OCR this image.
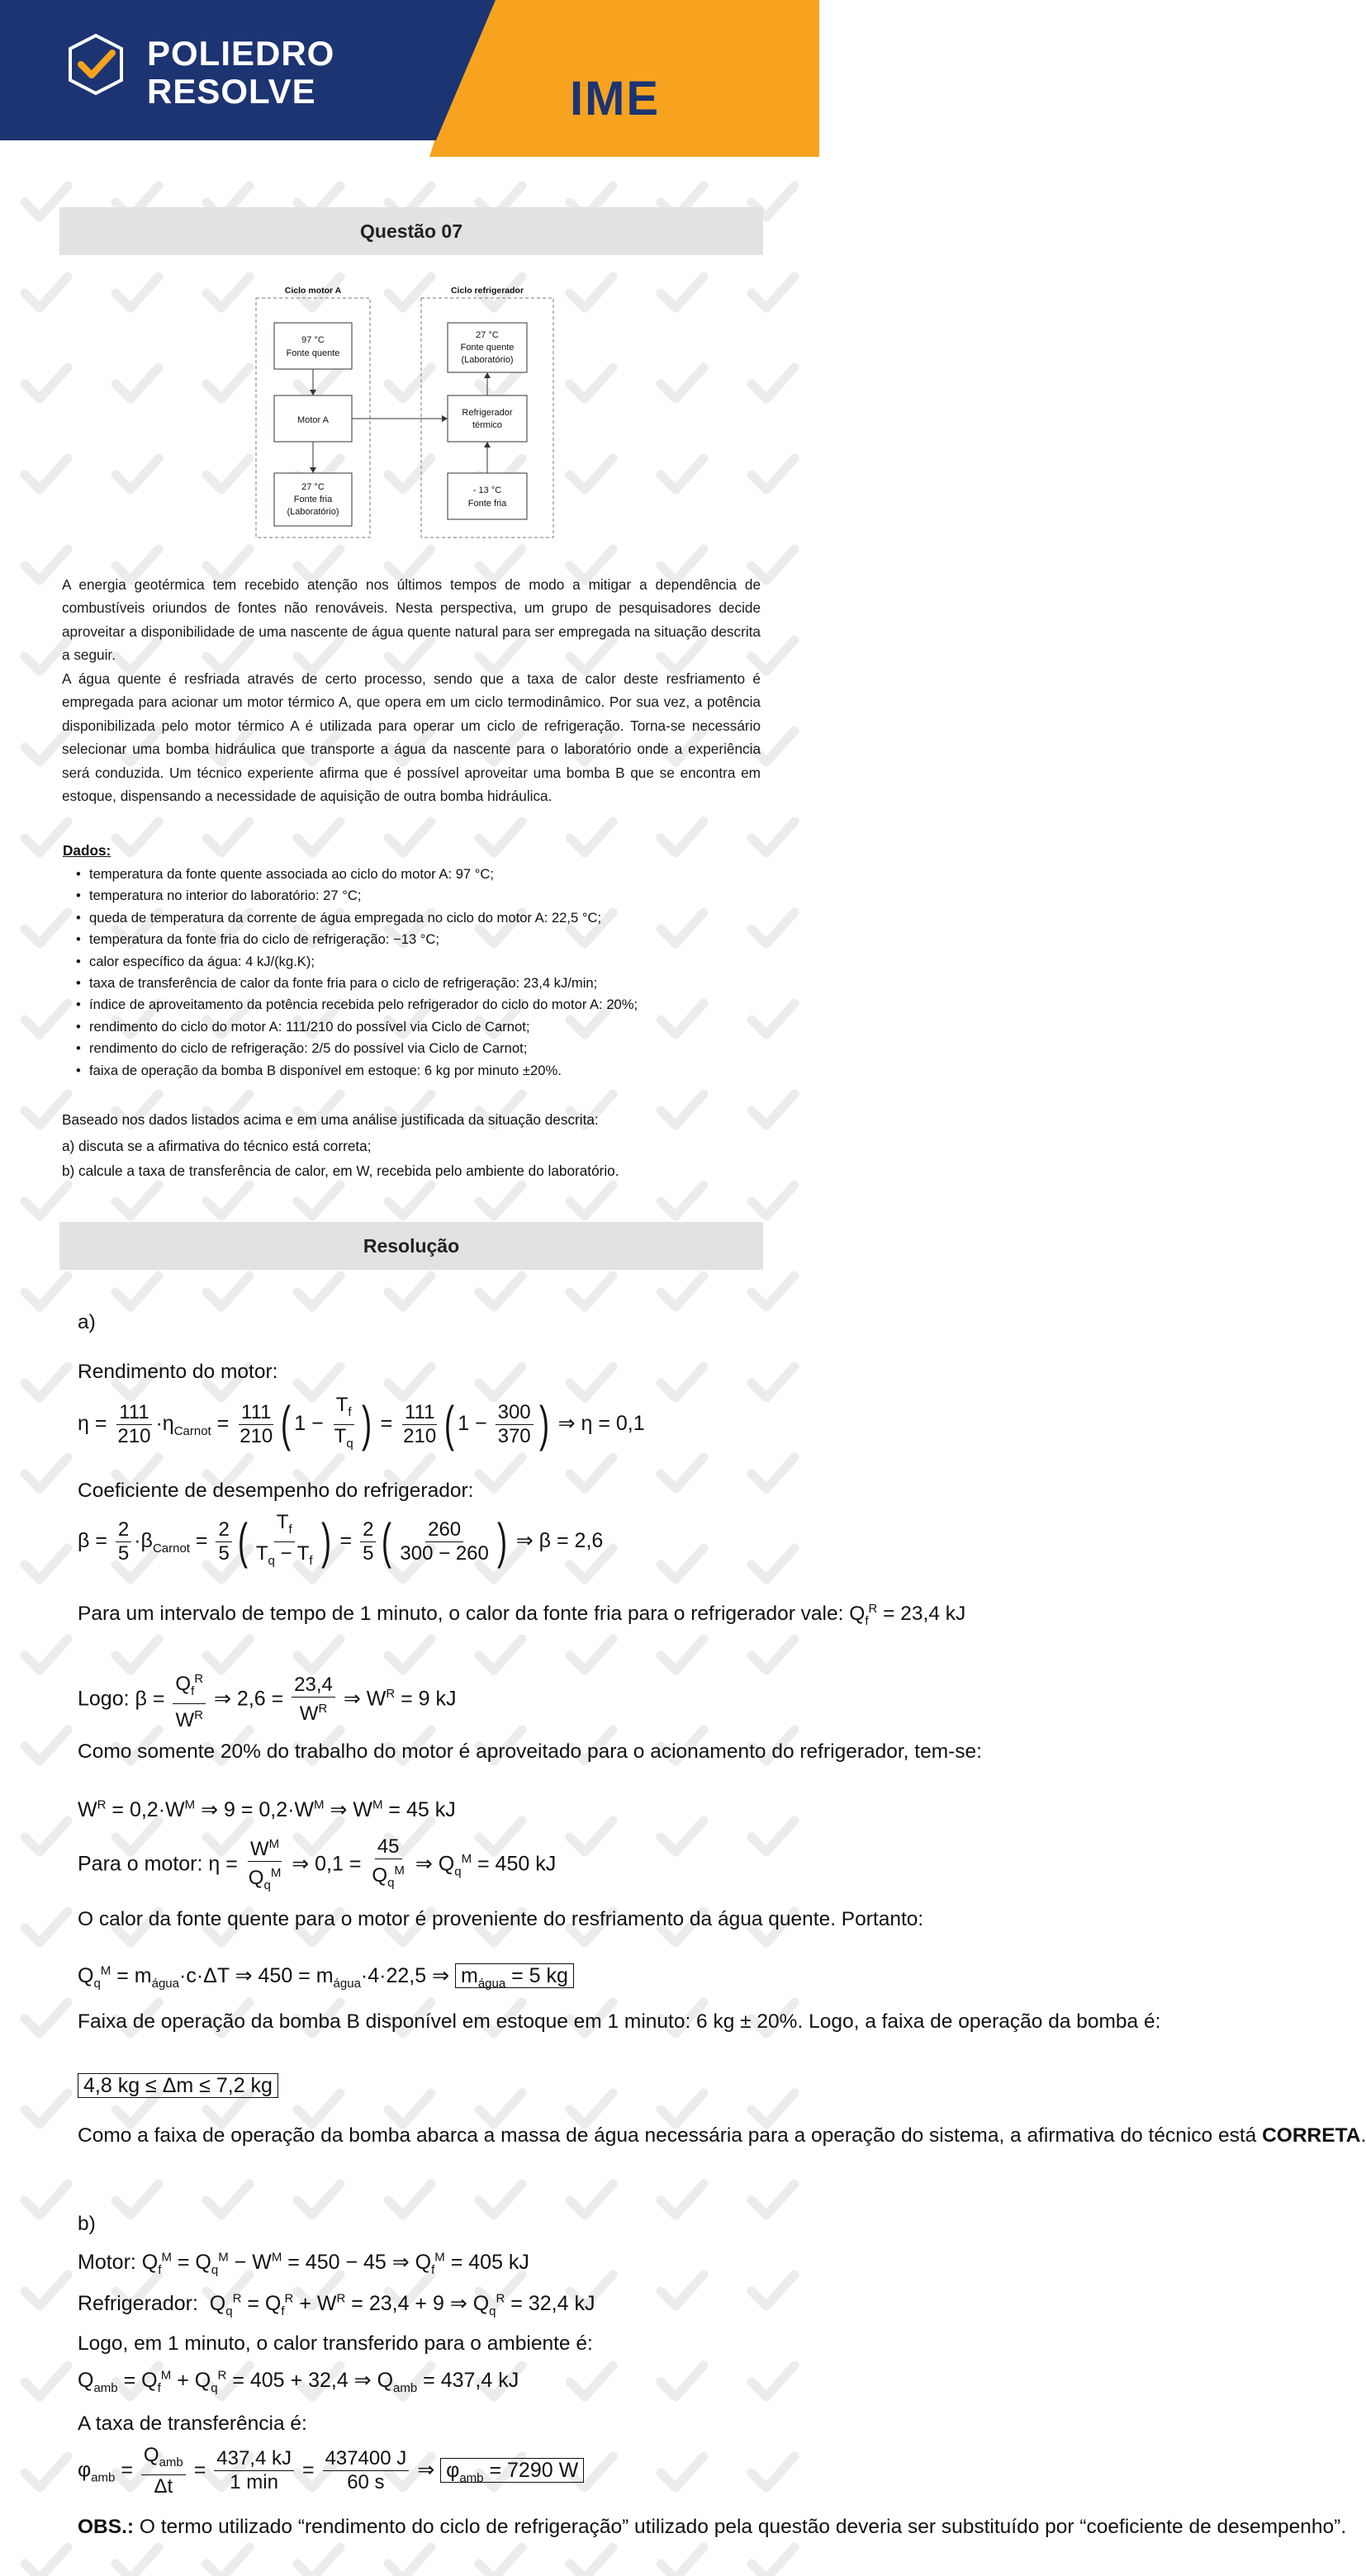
POLIEDRO
RESOLVE	IME
Questão 07
Ciclo motor A
97 °C
Fonte quente
Motor A
27 °C
Fonte fria
(Laboratório)
Ciclo refrigerador
27 °C
Fonte quente
(Laboratório)
Refrigerador
térmico
- 13 °C
Fonte fria
A energia geotérmica tem recebido atenção nos últimos tempos de modo a mitigar a dependência de combustíveis oriundos de fontes não renováveis. Nesta perspectiva, um grupo de pesquisadores decide aproveitar a disponibilidade de uma nascente de água quente natural para ser empregada na situação descrita a seguir.
A água quente é resfriada através de certo processo, sendo que a taxa de calor deste resfriamento é empregada para acionar um motor térmico A, que opera em um ciclo termodinâmico. Por sua vez, a potência disponibilizada pelo motor térmico A é utilizada para operar um ciclo de refrigeração. Torna-se necessário selecionar uma bomba hidráulica que transporte a água da nascente para o laboratório onde a experiência será conduzida. Um técnico experiente afirma que é possível aproveitar uma bomba B que se encontra em estoque, dispensando a necessidade de aquisição de outra bomba hidráulica.
Dados:
• temperatura da fonte quente associada ao ciclo do motor A: 97 °C;
• temperatura no interior do laboratório: 27 °C;
• queda de temperatura da corrente de água empregada no ciclo do motor A: 22,5 °C;
• temperatura da fonte fria do ciclo de refrigeração: −13 °C;
• calor específico da água: 4 kJ/(kg.K);
• taxa de transferência de calor da fonte fria para o ciclo de refrigeração: 23,4 kJ/min;
• índice de aproveitamento da potência recebida pelo refrigerador do ciclo do motor A: 20%;
• rendimento do ciclo do motor A: 111/210 do possível via Ciclo de Carnot;
• rendimento do ciclo de refrigeração: 2/5 do possível via Ciclo de Carnot;
• faixa de operação da bomba B disponível em estoque: 6 kg por minuto ±20%.
Baseado nos dados listados acima e em uma análise justificada da situação descrita:
a) discuta se a afirmativa do técnico está correta;
b) calcule a taxa de transferência de calor, em W, recebida pelo ambiente do laboratório.
Resolução
a)
Rendimento do motor:
$\eta = \frac{111}{210} \cdot\eta_{Carnot} = \frac{111}{210}$ ( $1 - \frac{T_f}{T_q}$ ) = $\frac{111}{210}$ ( $1 - \frac{300}{370}$ ) ⇒ η = 0,1
Coeficiente de desempenho do refrigerador:
$\beta = \frac{2}{5} \cdot\beta_{Carnot} = \frac{2}{5}$ ( $\frac{T_f}{T_q - T_f}$ ) = $\frac{2}{5}$ ( $\frac{260}{300 - 260}$ ) ⇒ β = 2,6
Para um intervalo de tempo de 1 minuto, o calor da fonte fria para o refrigerador vale: $Q_f^R = 23,4$ kJ
Logo: $\beta = \frac{Q_f^R}{W^R}$ ⇒ $2,6 = \frac{23,4}{W^R}$ ⇒ $W^R = 9$ kJ
Como somente 20% do trabalho do motor é aproveitado para o acionamento do refrigerador, tem-se:
$W^R = 0,2\cdot W^M$ ⇒ $9 = 0,2\cdot W^M$ ⇒ $W^M = 45$ kJ
Para o motor: $\eta = \frac{W^M}{Q_q^M}$ ⇒ $0,1 = \frac{45}{Q_q^M}$ ⇒ $Q_q^M = 450$ kJ
O calor da fonte quente para o motor é proveniente do resfriamento da água quente. Portanto:
$Q_q^M = m_{água}\cdot c\cdot\Delta T$ ⇒ $450 = m_{água}\cdot 4\cdot 22,5$ ⇒ $m_{água} = 5$ kg
Faixa de operação da bomba B disponível em estoque em 1 minuto: 6 kg ± 20%. Logo, a faixa de operação da bomba é:
4,8 kg ≤ Δm ≤ 7,2 kg
Como a faixa de operação da bomba abarca a massa de água necessária para a operação do sistema, a afirmativa do técnico está CORRETA.
b)
Motor: $Q_f^M = Q_q^M - W^M = 450 - 45$ ⇒ $Q_f^M = 405$ kJ
Refrigerador:  $Q_q^R = Q_f^R + W^R = 23,4 + 9$ ⇒ $Q_q^R = 32,4$ kJ
Logo, em 1 minuto, o calor transferido para o ambiente é:
$Q_{amb} = Q_f^M + Q_q^R = 405 + 32,4$ ⇒ $Q_{amb} = 437,4$ kJ
A taxa de transferência é:
$\varphi_{amb} = \frac{Q_{amb}}{\Delta t} = \frac{437,4 kJ}{1 \min} = \frac{437400 J}{60 s}$ ⇒ $\varphi_{amb} = 7290$ W
OBS.: O termo utilizado “rendimento do ciclo de refrigeração” utilizado pela questão deveria ser substituído por “coeficiente de desempenho”.
